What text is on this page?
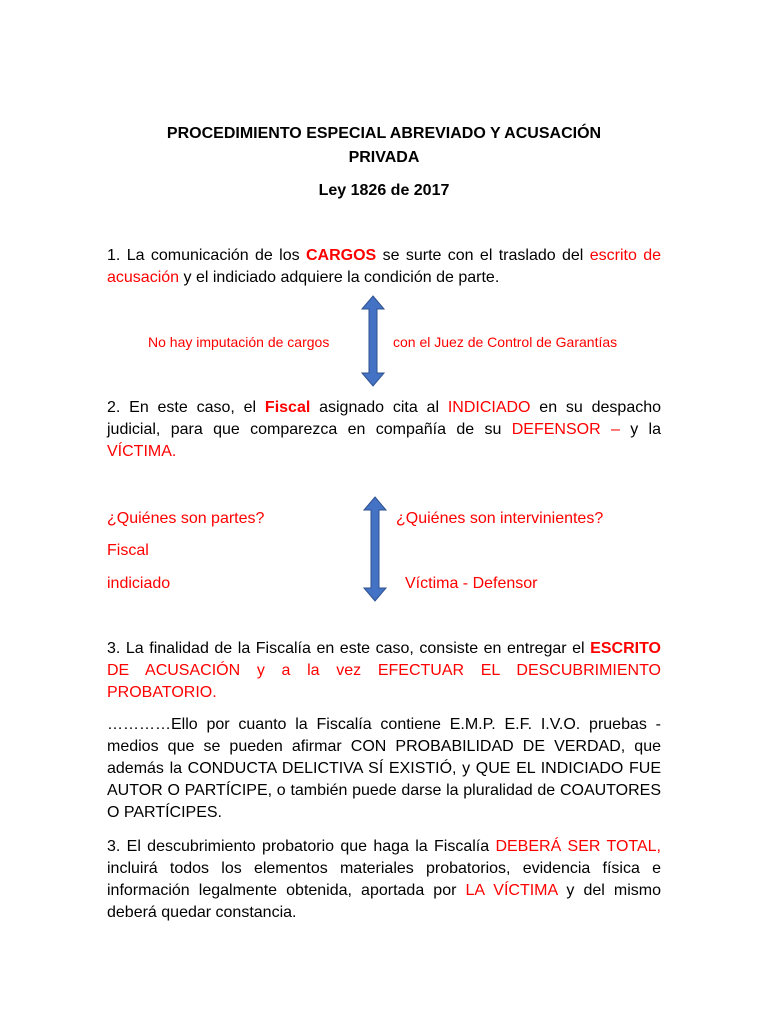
PROCEDIMIENTO ESPECIAL ABREVIADO Y ACUSACIÓN
PRIVADA

Ley 1826 de 2017

1. La comunicación de los CARGOS se surte con el traslado del escrito de acusación y el indiciado adquiere la condición de parte.

No hay imputación de cargos	con el Juez de Control de Garantías

2. En este caso, el Fiscal asignado cita al INDICIADO en su despacho judicial, para que comparezca en compañía de su DEFENSOR – y la VÍCTIMA.

¿Quiénes son partes?	¿Quiénes son intervinientes?
Fiscal
indiciado	Víctima - Defensor

3. La finalidad de la Fiscalía en este caso, consiste en entregar el ESCRITO DE ACUSACIÓN y a la vez EFECTUAR EL DESCUBRIMIENTO PROBATORIO.

…………Ello por cuanto la Fiscalía contiene E.M.P. E.F. I.V.O. pruebas -medios que se pueden afirmar CON PROBABILIDAD DE VERDAD, que además la CONDUCTA DELICTIVA SÍ EXISTIÓ, y QUE EL INDICIADO FUE AUTOR O PARTÍCIPE, o también puede darse la pluralidad de COAUTORES O PARTÍCIPES.

3. El descubrimiento probatorio que haga la Fiscalía DEBERÁ SER TOTAL, incluirá todos los elementos materiales probatorios, evidencia física e información legalmente obtenida, aportada por LA VÍCTIMA y del mismo deberá quedar constancia.
